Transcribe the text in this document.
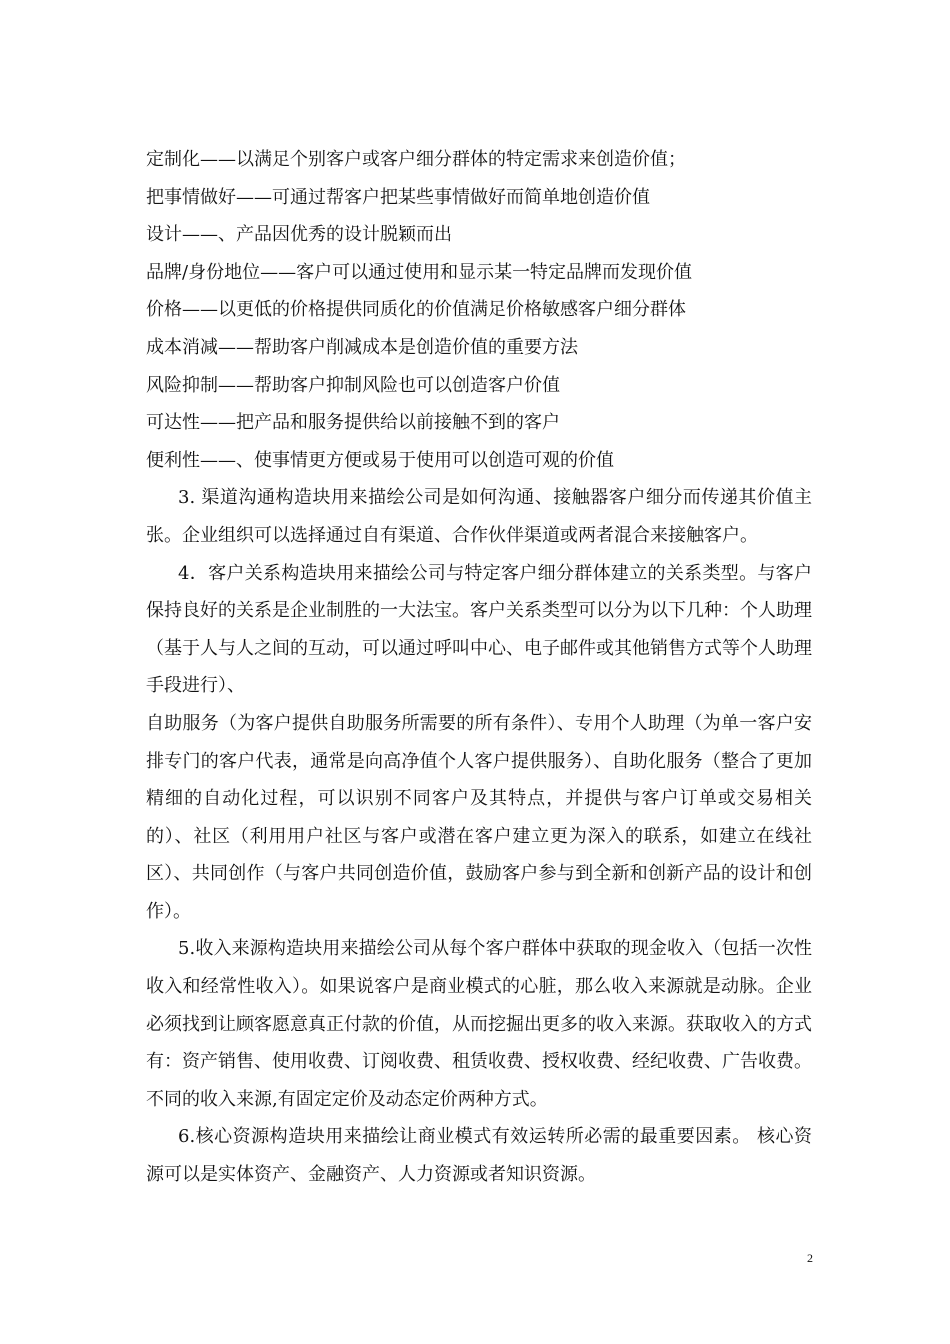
定制化——以满足个别客户或客户细分群体的特定需求来创造价值；
把事情做好——可通过帮客户把某些事情做好而简单地创造价值
设计——、产品因优秀的设计脱颖而出
品牌/身份地位——客户可以通过使用和显示某一特定品牌而发现价值
价格——以更低的价格提供同质化的价值满足价格敏感客户细分群体
成本消减——帮助客户削减成本是创造价值的重要方法
风险抑制——帮助客户抑制风险也可以创造客户价值
可达性——把产品和服务提供给以前接触不到的客户
便利性——、使事情更方便或易于使用可以创造可观的价值

3. 渠道沟通构造块用来描绘公司是如何沟通、接触器客户细分而传递其价值主张。企业组织可以选择通过自有渠道、合作伙伴渠道或两者混合来接触客户。

4．客户关系构造块用来描绘公司与特定客户细分群体建立的关系类型。与客户保持良好的关系是企业制胜的一大法宝。客户关系类型可以分为以下几种：个人助理

（基于人与人之间的互动，可以通过呼叫中心、电子邮件或其他销售方式等个人助理手段进行）、

自助服务（为客户提供自助服务所需要的所有条件）、专用个人助理（为单一客户安排专门的客户代表，通常是向高净值个人客户提供服务）、自助化服务（整合了更加精细的自动化过程，可以识别不同客户及其特点，并提供与客户订单或交易相关的）、社区（利用用户社区与客户或潜在客户建立更为深入的联系，如建立在线社区）、共同创作（与客户共同创造价值，鼓励客户参与到全新和创新产品的设计和创作）。

5.收入来源构造块用来描绘公司从每个客户群体中获取的现金收入（包括一次性收入和经常性收入）。如果说客户是商业模式的心脏，那么收入来源就是动脉。企业必须找到让顾客愿意真正付款的价值，从而挖掘出更多的收入来源。获取收入的方式有：资产销售、使用收费、订阅收费、租赁收费、授权收费、经纪收费、广告收费。不同的收入来源,有固定定价及动态定价两种方式。

6.核心资源构造块用来描绘让商业模式有效运转所必需的最重要因素。 核心资源可以是实体资产、金融资产、人力资源或者知识资源。

2
